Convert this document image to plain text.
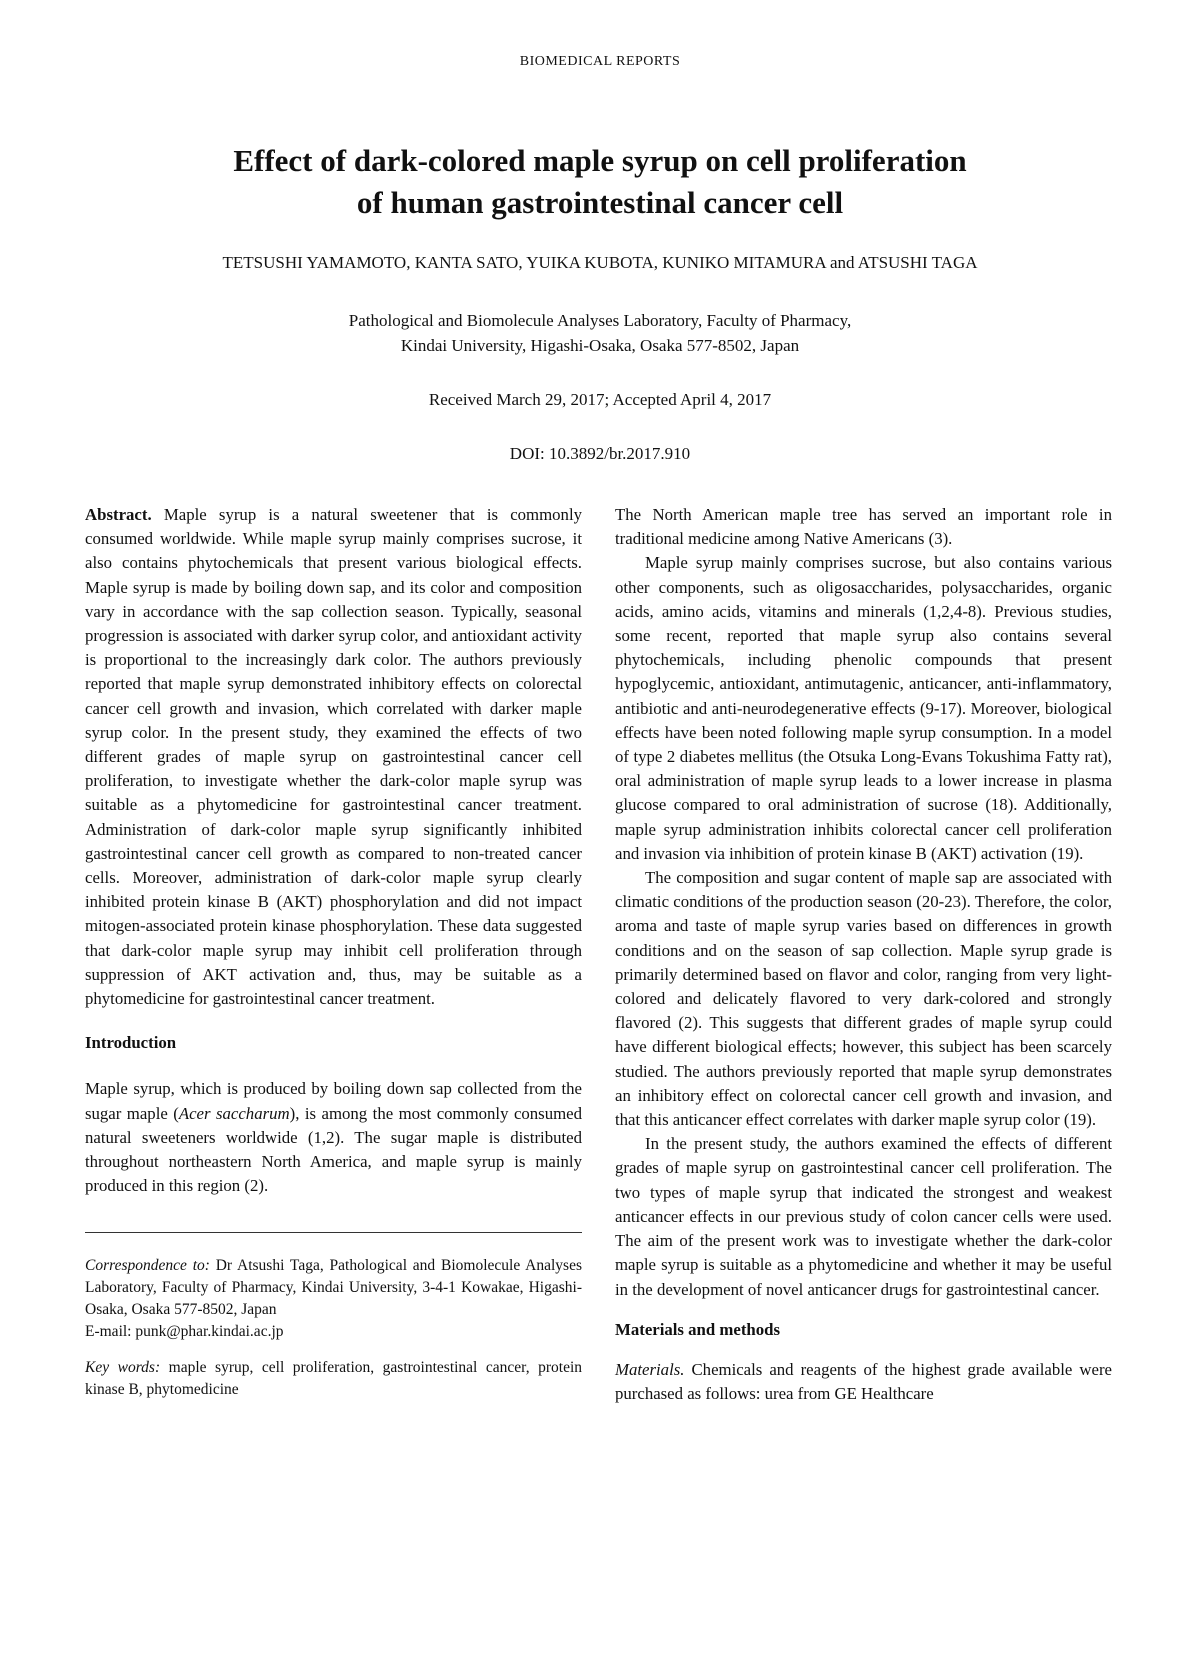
BIOMEDICAL REPORTS
Effect of dark-colored maple syrup on cell proliferation
of human gastrointestinal cancer cell
TETSUSHI YAMAMOTO, KANTA SATO, YUIKA KUBOTA, KUNIKO MITAMURA and ATSUSHI TAGA
Pathological and Biomolecule Analyses Laboratory, Faculty of Pharmacy,
Kindai University, Higashi-Osaka, Osaka 577-8502, Japan
Received March 29, 2017; Accepted April 4, 2017
DOI: 10.3892/br.2017.910

Abstract. Maple syrup is a natural sweetener that is commonly consumed worldwide. While maple syrup mainly comprises sucrose, it also contains phytochemicals that present various biological effects. Maple syrup is made by boiling down sap, and its color and composition vary in accordance with the sap collection season. Typically, seasonal progression is associated with darker syrup color, and antioxidant activity is proportional to the increasingly dark color. The authors previously reported that maple syrup demonstrated inhibitory effects on colorectal cancer cell growth and invasion, which correlated with darker maple syrup color. In the present study, they examined the effects of two different grades of maple syrup on gastrointestinal cancer cell proliferation, to investigate whether the dark-color maple syrup was suitable as a phytomedicine for gastrointestinal cancer treatment. Administration of dark-color maple syrup significantly inhibited gastrointestinal cancer cell growth as compared to non-treated cancer cells. Moreover, administration of dark-color maple syrup clearly inhibited protein kinase B (AKT) phosphorylation and did not impact mitogen-associated protein kinase phosphorylation. These data suggested that dark-color maple syrup may inhibit cell proliferation through suppression of AKT activation and, thus, may be suitable as a phytomedicine for gastrointestinal cancer treatment.

Introduction

Maple syrup, which is produced by boiling down sap collected from the sugar maple (Acer saccharum), is among the most commonly consumed natural sweeteners worldwide (1,2). The sugar maple is distributed throughout northeastern North America, and maple syrup is mainly produced in this region (2).

Correspondence to: Dr Atsushi Taga, Pathological and Biomolecule Analyses Laboratory, Faculty of Pharmacy, Kindai University, 3-4-1 Kowakae, Higashi-Osaka, Osaka 577-8502, Japan
E-mail: punk@phar.kindai.ac.jp

Key words: maple syrup, cell proliferation, gastrointestinal cancer, protein kinase B, phytomedicine

The North American maple tree has served an important role in traditional medicine among Native Americans (3).

Maple syrup mainly comprises sucrose, but also contains various other components, such as oligosaccharides, polysaccharides, organic acids, amino acids, vitamins and minerals (1,2,4-8). Previous studies, some recent, reported that maple syrup also contains several phytochemicals, including phenolic compounds that present hypoglycemic, antioxidant, antimutagenic, anticancer, anti-inflammatory, antibiotic and anti-neurodegenerative effects (9-17). Moreover, biological effects have been noted following maple syrup consumption. In a model of type 2 diabetes mellitus (the Otsuka Long-Evans Tokushima Fatty rat), oral administration of maple syrup leads to a lower increase in plasma glucose compared to oral administration of sucrose (18). Additionally, maple syrup administration inhibits colorectal cancer cell proliferation and invasion via inhibition of protein kinase B (AKT) activation (19).

The composition and sugar content of maple sap are associated with climatic conditions of the production season (20-23). Therefore, the color, aroma and taste of maple syrup varies based on differences in growth conditions and on the season of sap collection. Maple syrup grade is primarily determined based on flavor and color, ranging from very light-colored and delicately flavored to very dark-colored and strongly flavored (2). This suggests that different grades of maple syrup could have different biological effects; however, this subject has been scarcely studied. The authors previously reported that maple syrup demonstrates an inhibitory effect on colorectal cancer cell growth and invasion, and that this anticancer effect correlates with darker maple syrup color (19).

In the present study, the authors examined the effects of different grades of maple syrup on gastrointestinal cancer cell proliferation. The two types of maple syrup that indicated the strongest and weakest anticancer effects in our previous study of colon cancer cells were used. The aim of the present work was to investigate whether the dark-color maple syrup is suitable as a phytomedicine and whether it may be useful in the development of novel anticancer drugs for gastrointestinal cancer.

Materials and methods

Materials. Chemicals and reagents of the highest grade available were purchased as follows: urea from GE Healthcare
